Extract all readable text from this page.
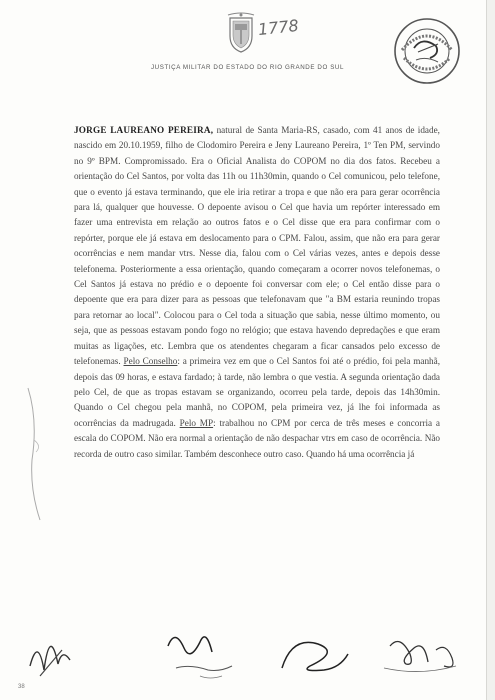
1778
JUSTIÇA MILITAR DO ESTADO DO RIO GRANDE DO SUL

JORGE LAUREANO PEREIRA, natural de Santa Maria-RS, casado, com 41 anos de idade, nascido em 20.10.1959, filho de Clodomiro Pereira e Jeny Laureano Pereira, 1º Ten PM, servindo no 9º BPM. Compromissado. Era o Oficial Analista do COPOM no dia dos fatos. Recebeu a orientação do Cel Santos, por volta das 11h ou 11h30min, quando o Cel comunicou, pelo telefone, que o evento já estava terminando, que ele iria retirar a tropa e que não era para gerar ocorrência para lá, qualquer que houvesse. O depoente avisou o Cel que havia um repórter interessado em fazer uma entrevista em relação ao outros fatos e o Cel disse que era para confirmar com o repórter, porque ele já estava em deslocamento para o CPM. Falou, assim, que não era para gerar ocorrências e nem mandar vtrs. Nesse dia, falou com o Cel várias vezes, antes e depois desse telefonema. Posteriormente a essa orientação, quando começaram a ocorrer novos telefonemas, o Cel Santos já estava no prédio e o depoente foi conversar com ele; o Cel então disse para o depoente que era para dizer para as pessoas que telefonavam que "a BM estaria reunindo tropas para retornar ao local". Colocou para o Cel toda a situação que sabia, nesse último momento, ou seja, que as pessoas estavam pondo fogo no relógio; que estava havendo depredações e que eram muitas as ligações, etc. Lembra que os atendentes chegaram a ficar cansados pelo excesso de telefonemas. Pelo Conselho: a primeira vez em que o Cel Santos foi até o prédio, foi pela manhã, depois das 09 horas, e estava fardado; à tarde, não lembra o que vestia. A segunda orientação dada pelo Cel, de que as tropas estavam se organizando, ocorreu pela tarde, depois das 14h30min. Quando o Cel chegou pela manhã, no COPOM, pela primeira vez, já lhe foi informada as ocorrências da madrugada. Pelo MP: trabalhou no CPM por cerca de três meses e concorria a escala do COPOM. Não era normal a orientação de não despachar vtrs em caso de ocorrência. Não recorda de outro caso similar. Também desconhece outro caso. Quando há uma ocorrência já

38
